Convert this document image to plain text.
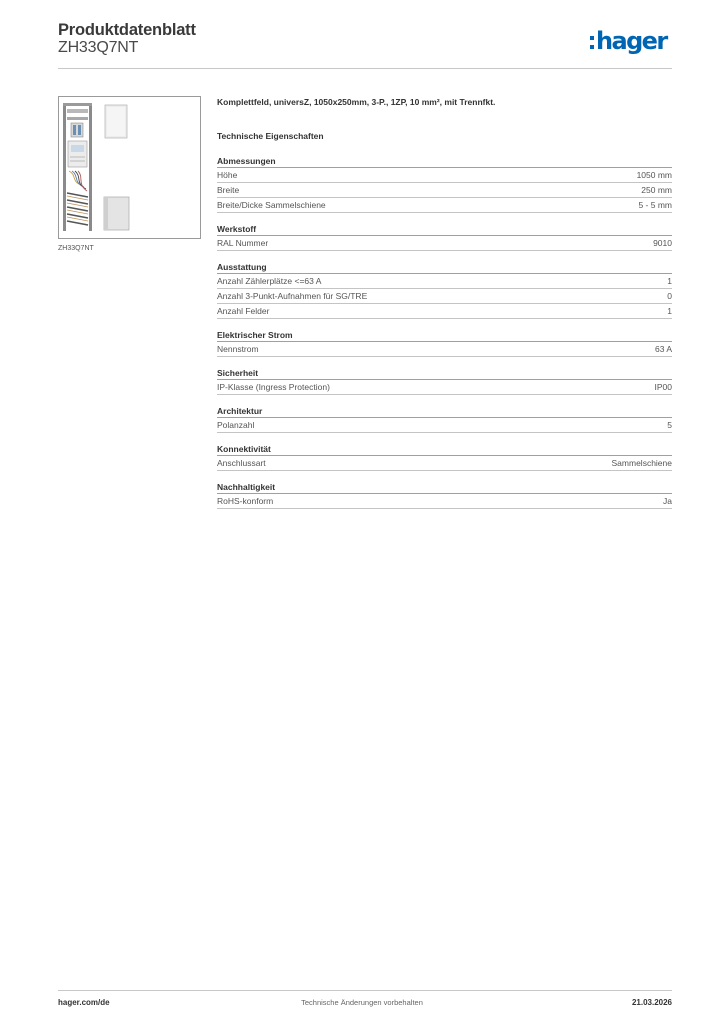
Produktdatenblatt
ZH33Q7NT	hager
ZH33Q7NT
Komplettfeld, universZ, 1050x250mm, 3-P., 1ZP, 10 mm², mit Trennfkt.
Technische Eigenschaften
Abmessungen
Höhe	1050 mm
Breite	250 mm
Breite/Dicke Sammelschiene	5 - 5 mm
Werkstoff
RAL Nummer	9010
Ausstattung
Anzahl Zählerplätze <=63 A	1
Anzahl 3-Punkt-Aufnahmen für SG/TRE	0
Anzahl Felder	1
Elektrischer Strom
Nennstrom	63 A
Sicherheit
IP-Klasse (Ingress Protection)	IP00
Architektur
Polanzahl	5
Konnektivität
Anschlussart	Sammelschiene
Nachhaltigkeit
RoHS-konform	Ja
hager.com/de	Technische Änderungen vorbehalten	21.03.2026
